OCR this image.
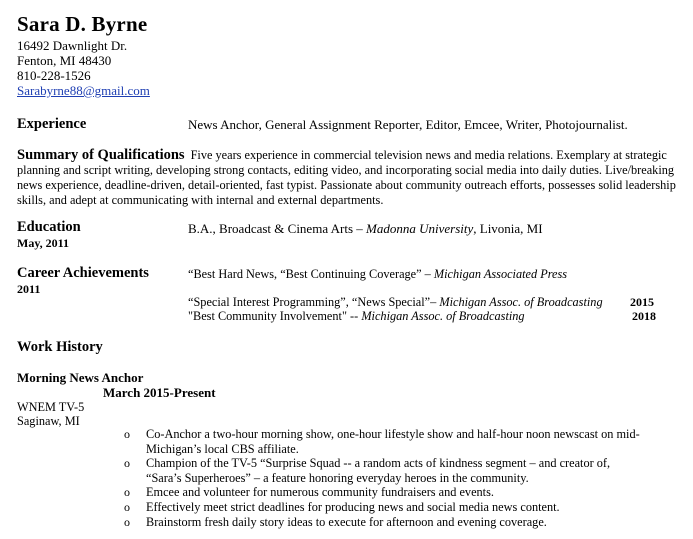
Sara D. Byrne
16492 Dawnlight Dr.
Fenton, MI 48430
810-228-1526
Sarabyrne88@gmail.com
Experience	News Anchor, General Assignment Reporter, Editor, Emcee, Writer, Photojournalist.
Summary of Qualifications Five years experience in commercial television news and media relations. Exemplary at strategic planning and script writing, developing strong contacts, editing video, and incorporating social media into daily duties. Live/breaking news experience, deadline-driven, detail-oriented, fast typist. Passionate about community outreach efforts, possesses solid leadership skills, and adept at communicating with internal and external departments.
Education
May, 2011
B.A., Broadcast & Cinema Arts – Madonna University, Livonia, MI
Career Achievements
2011
“Best Hard News, “Best Continuing Coverage” – Michigan Associated Press
“Special Interest Programming”, “News Special”– Michigan Assoc. of Broadcasting 2015
"Best Community Involvement" -- Michigan Assoc. of Broadcasting	2018
Work History
Morning News Anchor
March 2015-Present
WNEM TV-5
Saginaw, MI
o Co-Anchor a two-hour morning show, one-hour lifestyle show and half-hour noon newscast on mid-Michigan’s local CBS affiliate.
o Champion of the TV-5 “Surprise Squad -- a random acts of kindness segment – and creator of, “Sara’s Superheroes” – a feature honoring everyday heroes in the community.
o Emcee and volunteer for numerous community fundraisers and events.
o Effectively meet strict deadlines for producing news and social media news content.
o Brainstorm fresh daily story ideas to execute for afternoon and evening coverage.
